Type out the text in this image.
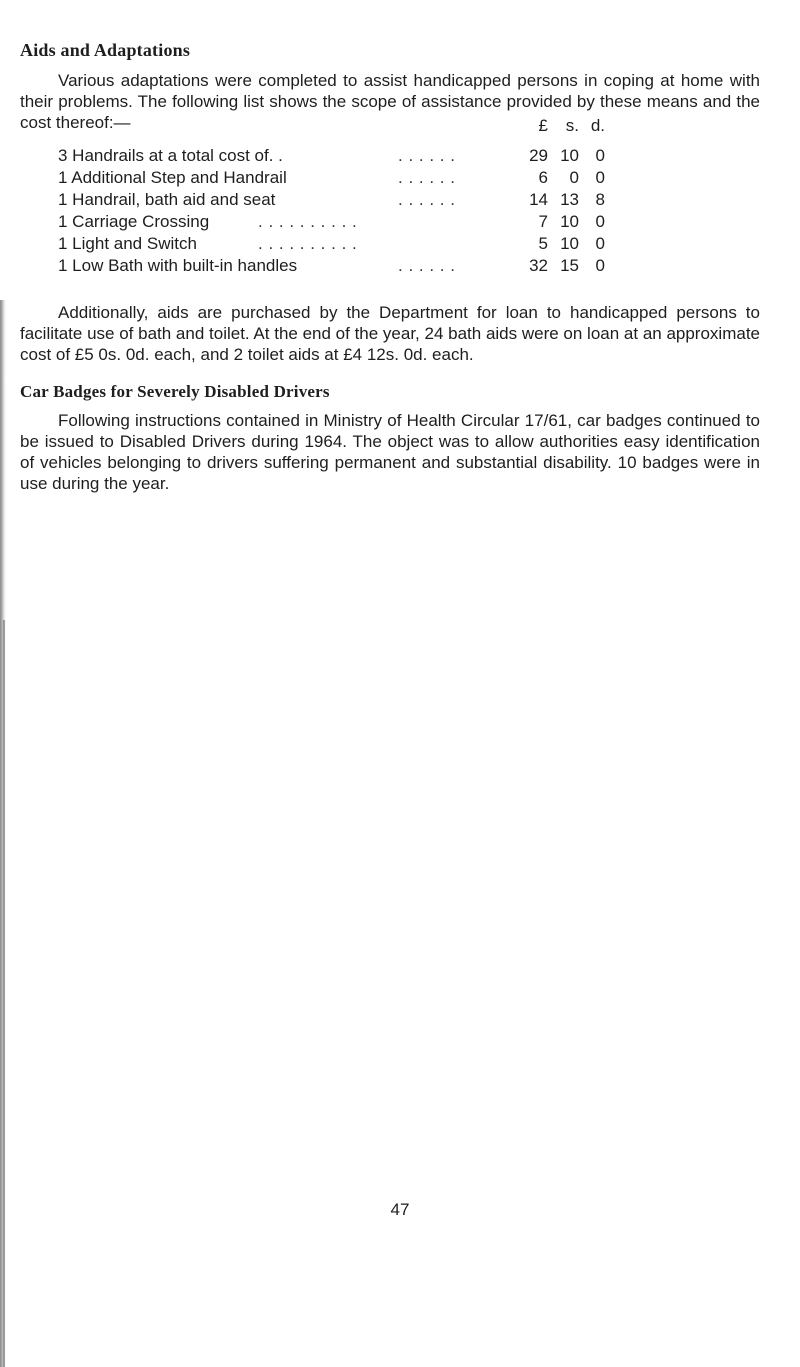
Aids and Adaptations

Various adaptations were completed to assist handicapped persons in coping at home with their problems. The following list shows the scope of assistance provided by these means and the cost thereof:—	£	s. d.
3 Handrails at a total cost of. .	. . . . . .	29 10 0
1 Additional Step and Handrail	. . . . . .	6	0 0
1 Handrail, bath aid and seat	. . . . . .	14 13 8
1 Carriage Crossing	. . . . . . . . . .	7 10 0
1 Light and Switch	. . . . . . . . . .	5 10 0
1 Low Bath with built-in handles	. . . . . .	32 15 0

Additionally, aids are purchased by the Department for loan to handicapped persons to facilitate use of bath and toilet. At the end of the year, 24 bath aids were on loan at an approximate cost of £5 0s. 0d. each, and 2 toilet aids at £4 12s. 0d. each.

Car Badges for Severely Disabled Drivers

Following instructions contained in Ministry of Health Circular 17/61, car badges continued to be issued to Disabled Drivers during 1964. The object was to allow authorities easy identification of vehicles belonging to drivers suffering permanent and substantial disability. 10 badges were in use during the year.

47
